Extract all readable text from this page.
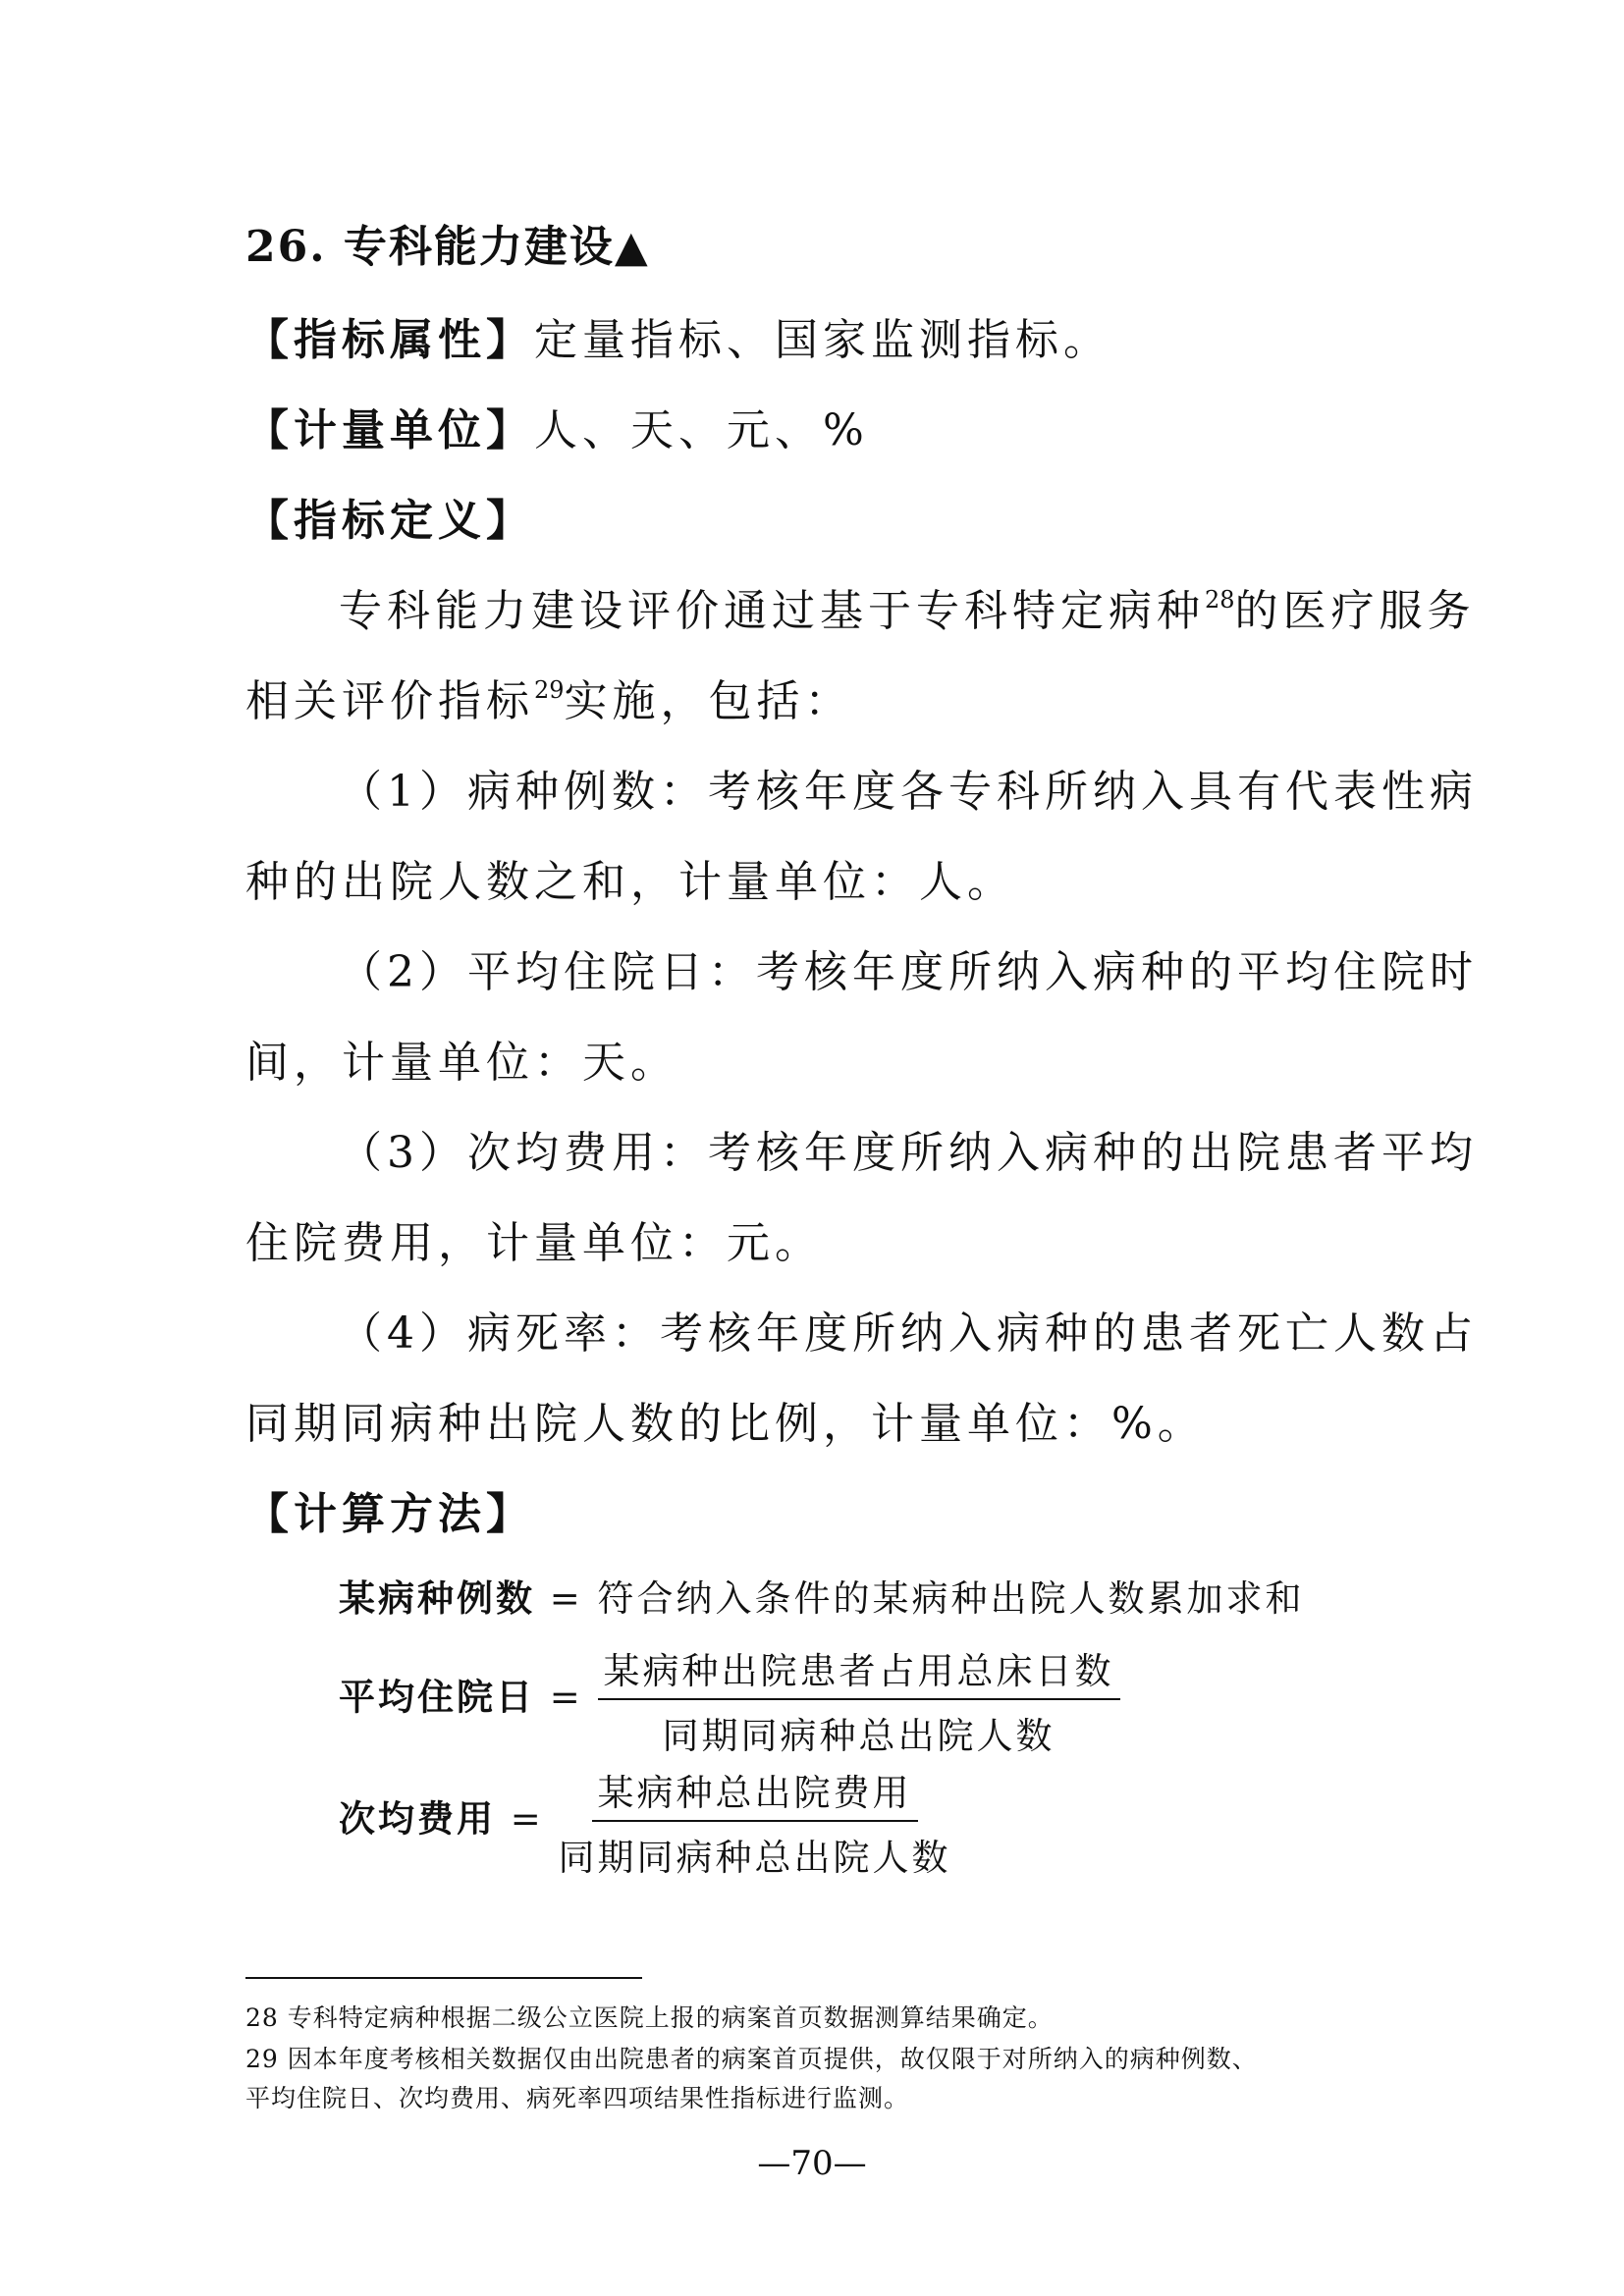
26. 专科能力建设▲
【指标属性】定量指标、国家监测指标。
【计量单位】人、天、元、%
【指标定义】
专科能力建设评价通过基于专科特定病种$^{28}$的医疗服务
相关评价指标$^{29}$实施，包括：
（1）病种例数：考核年度各专科所纳入具有代表性病
种的出院人数之和，计量单位：人。
（2）平均住院日：考核年度所纳入病种的平均住院时
间，计量单位：天。
（3）次均费用：考核年度所纳入病种的出院患者平均
住院费用，计量单位：元。
（4）病死率：考核年度所纳入病种的患者死亡人数占
同期同病种出院人数的比例，计量单位：%。
【计算方法】
某病种例数 = 符合纳入条件的某病种出院人数累加求和
平均住院日 = $\frac{\text{某病种出院患者占用总床日数}}{\text{同期同病种总出院人数}}$
次均费用 = $\frac{\text{某病种总出院费用}}{\text{同期同病种总出院人数}}$
28 专科特定病种根据二级公立医院上报的病案首页数据测算结果确定。
29 因本年度考核相关数据仅由出院患者的病案首页提供，故仅限于对所纳入的病种例数、
平均住院日、次均费用、病死率四项结果性指标进行监测。
—70—
